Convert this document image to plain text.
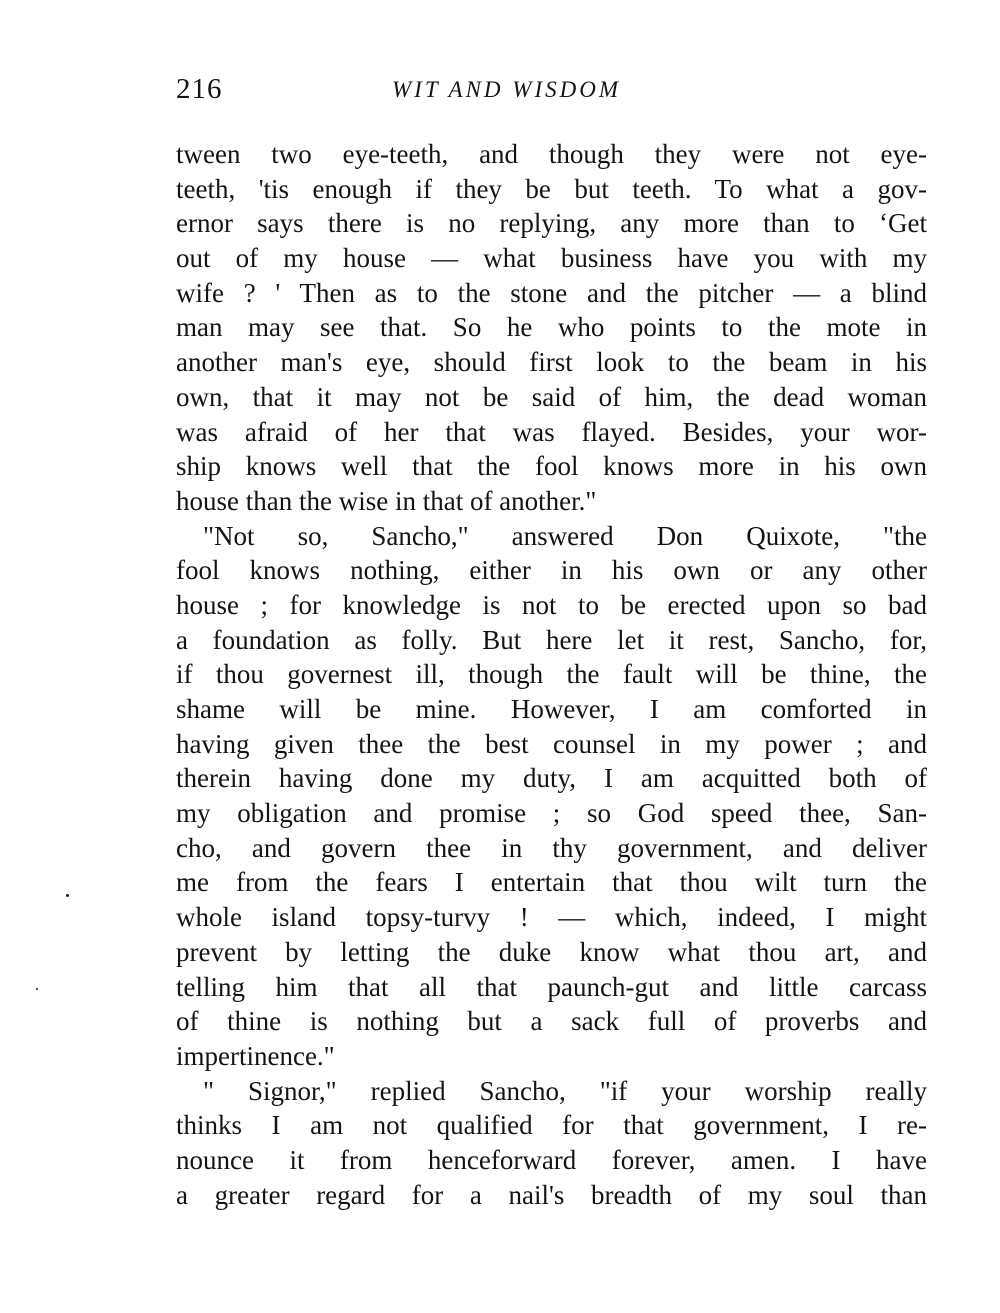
216	WIT AND WISDOM
tween two eye-teeth, and though they were not eye-
teeth, 'tis enough if they be but teeth. To what a gov-
ernor says there is no replying, any more than to ‘Get
out of my house — what business have you with my
wife ? ' Then as to the stone and the pitcher — a blind
man may see that. So he who points to the mote in
another man's eye, should first look to the beam in his
own, that it may not be said of him, the dead woman
was afraid of her that was flayed. Besides, your wor-
ship knows well that the fool knows more in his own
house than the wise in that of another."
"Not so, Sancho," answered Don Quixote, "the
fool knows nothing, either in his own or any other
house ; for knowledge is not to be erected upon so bad
a foundation as folly. But here let it rest, Sancho, for,
if thou governest ill, though the fault will be thine, the
shame will be mine. However, I am comforted in
having given thee the best counsel in my power ; and
therein having done my duty, I am acquitted both of
my obligation and promise ; so God speed thee, San-
cho, and govern thee in thy government, and deliver
me from the fears I entertain that thou wilt turn the
whole island topsy-turvy ! — which, indeed, I might
prevent by letting the duke know what thou art, and
telling him that all that paunch-gut and little carcass
of thine is nothing but a sack full of proverbs and
impertinence."
" Signor," replied Sancho, "if your worship really
thinks I am not qualified for that government, I re-
nounce it from henceforward forever, amen. I have
a greater regard for a nail's breadth of my soul than
